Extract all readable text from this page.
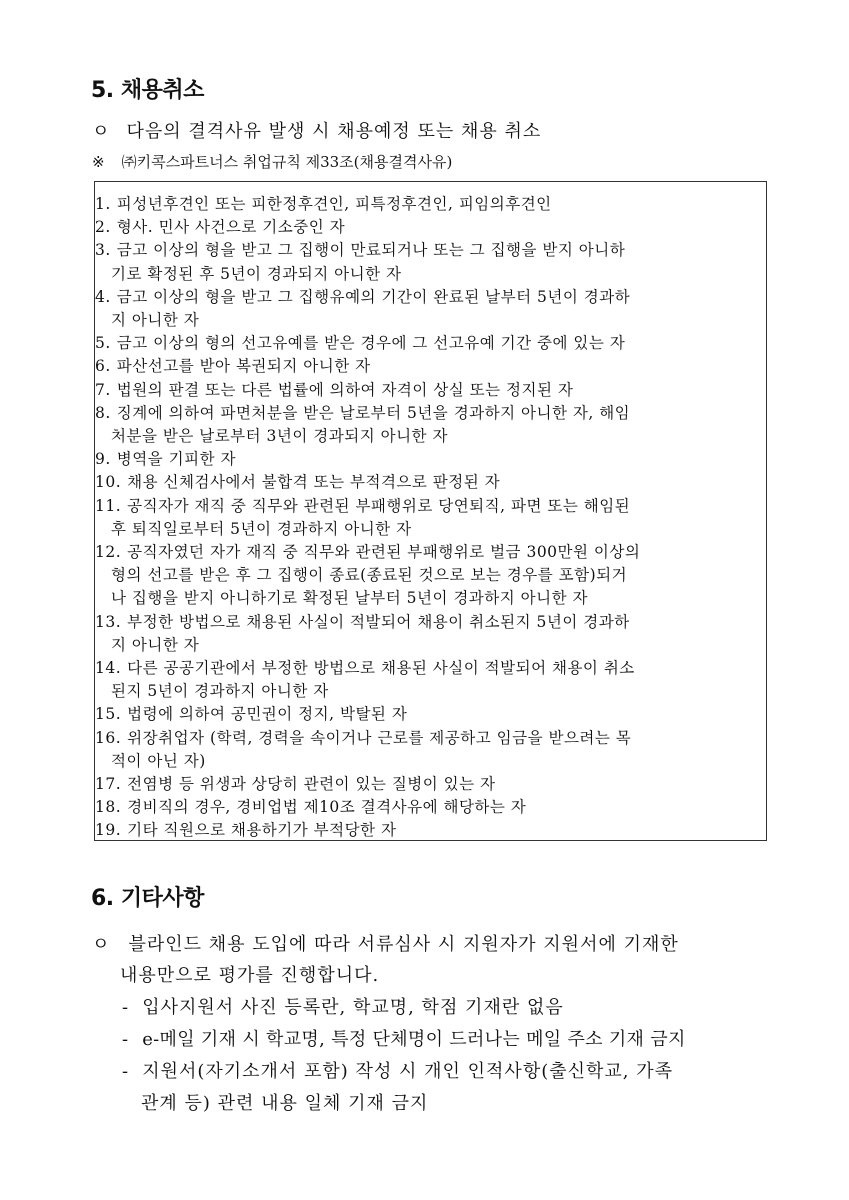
5. 채용취소
ㅇ 다음의 결격사유 발생 시 채용예정 또는 채용 취소
※ ㈜키콕스파트너스 취업규칙 제33조(채용결격사유)
1. 피성년후견인 또는 피한정후견인, 피특정후견인, 피임의후견인
2. 형사. 민사 사건으로 기소중인 자
3. 금고 이상의 형을 받고 그 집행이 만료되거나 또는 그 집행을 받지 아니하
기로 확정된 후 5년이 경과되지 아니한 자
4. 금고 이상의 형을 받고 그 집행유예의 기간이 완료된 날부터 5년이 경과하
지 아니한 자
5. 금고 이상의 형의 선고유예를 받은 경우에 그 선고유예 기간 중에 있는 자
6. 파산선고를 받아 복권되지 아니한 자
7. 법원의 판결 또는 다른 법률에 의하여 자격이 상실 또는 정지된 자
8. 징계에 의하여 파면처분을 받은 날로부터 5년을 경과하지 아니한 자, 해임
처분을 받은 날로부터 3년이 경과되지 아니한 자
9. 병역을 기피한 자
10. 채용 신체검사에서 불합격 또는 부적격으로 판정된 자
11. 공직자가 재직 중 직무와 관련된 부패행위로 당연퇴직, 파면 또는 해임된
후 퇴직일로부터 5년이 경과하지 아니한 자
12. 공직자였던 자가 재직 중 직무와 관련된 부패행위로 벌금 300만원 이상의
형의 선고를 받은 후 그 집행이 종료(종료된 것으로 보는 경우를 포함)되거
나 집행을 받지 아니하기로 확정된 날부터 5년이 경과하지 아니한 자
13. 부정한 방법으로 채용된 사실이 적발되어 채용이 취소된지 5년이 경과하
지 아니한 자
14. 다른 공공기관에서 부정한 방법으로 채용된 사실이 적발되어 채용이 취소
된지 5년이 경과하지 아니한 자
15. 법령에 의하여 공민권이 정지, 박탈된 자
16. 위장취업자 (학력, 경력을 속이거나 근로를 제공하고 임금을 받으려는 목
적이 아닌 자)
17. 전염병 등 위생과 상당히 관련이 있는 질병이 있는 자
18. 경비직의 경우, 경비업법 제10조 결격사유에 해당하는 자
19. 기타 직원으로 채용하기가 부적당한 자
6. 기타사항
ㅇ 블라인드 채용 도입에 따라 서류심사 시 지원자가 지원서에 기재한
내용만으로 평가를 진행합니다.
- 입사지원서 사진 등록란, 학교명, 학점 기재란 없음
- e-메일 기재 시 학교명, 특정 단체명이 드러나는 메일 주소 기재 금지
- 지원서(자기소개서 포함) 작성 시 개인 인적사항(출신학교, 가족
관계 등) 관련 내용 일체 기재 금지
